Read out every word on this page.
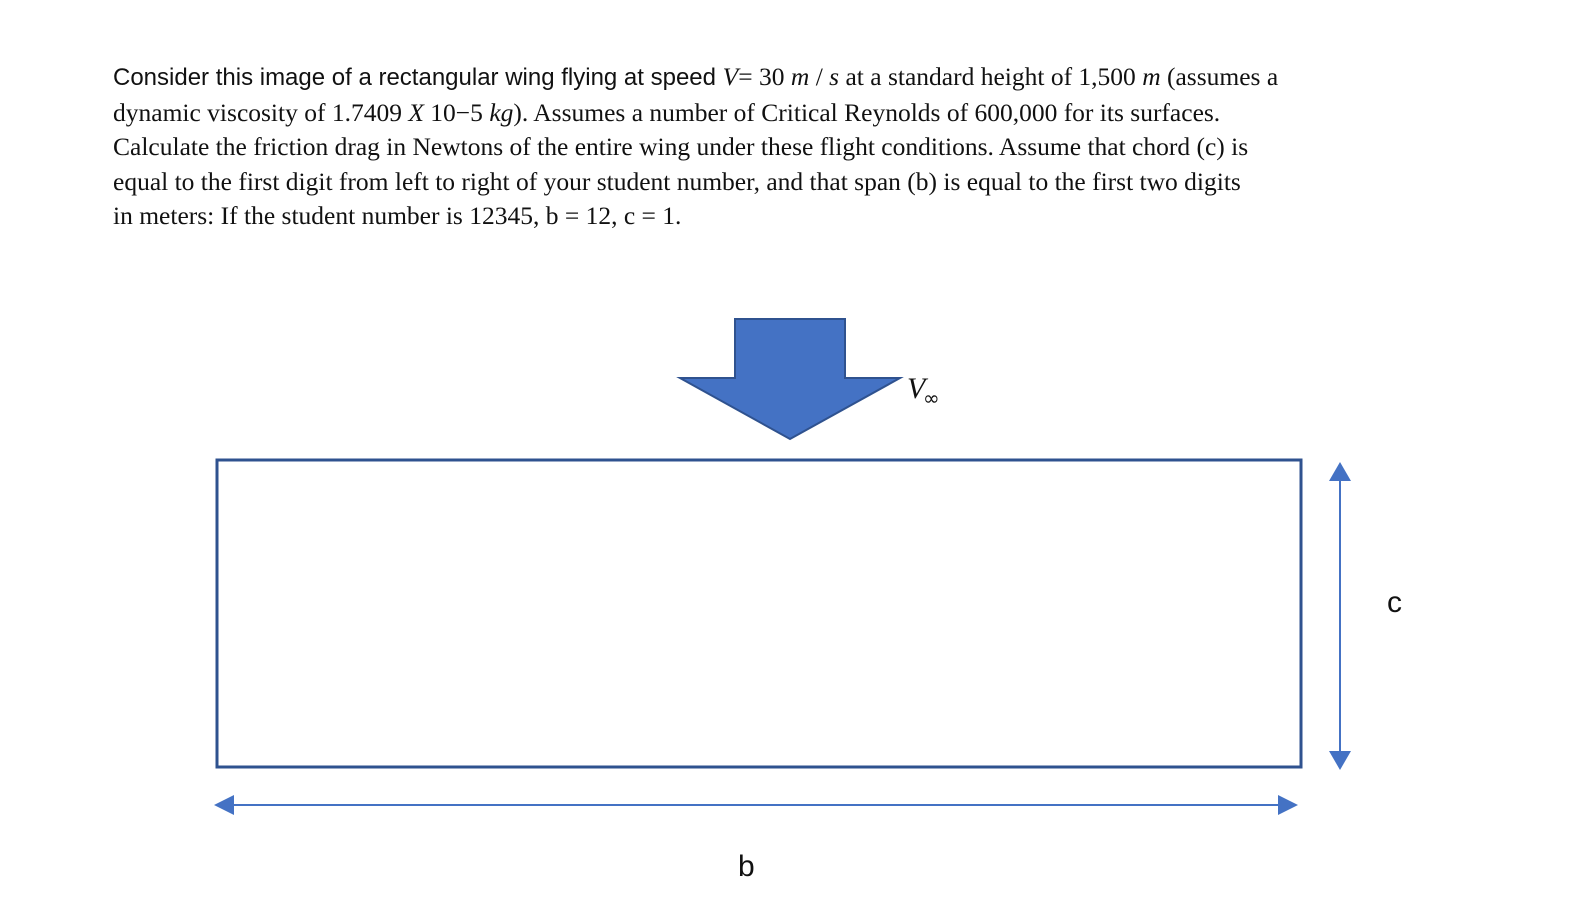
Consider this image of a rectangular wing flying at speed V= 30 m / s at a standard height of 1,500 m (assumes a
dynamic viscosity of 1.7409 X 10−5 kg). Assumes a number of Critical Reynolds of 600,000 for its surfaces.
Calculate the friction drag in Newtons of the entire wing under these flight conditions. Assume that chord (c) is
equal to the first digit from left to right of your student number, and that span (b) is equal to the first two digits
in meters: If the student number is 12345, b = 12, c = 1.
V
∞
c
b
